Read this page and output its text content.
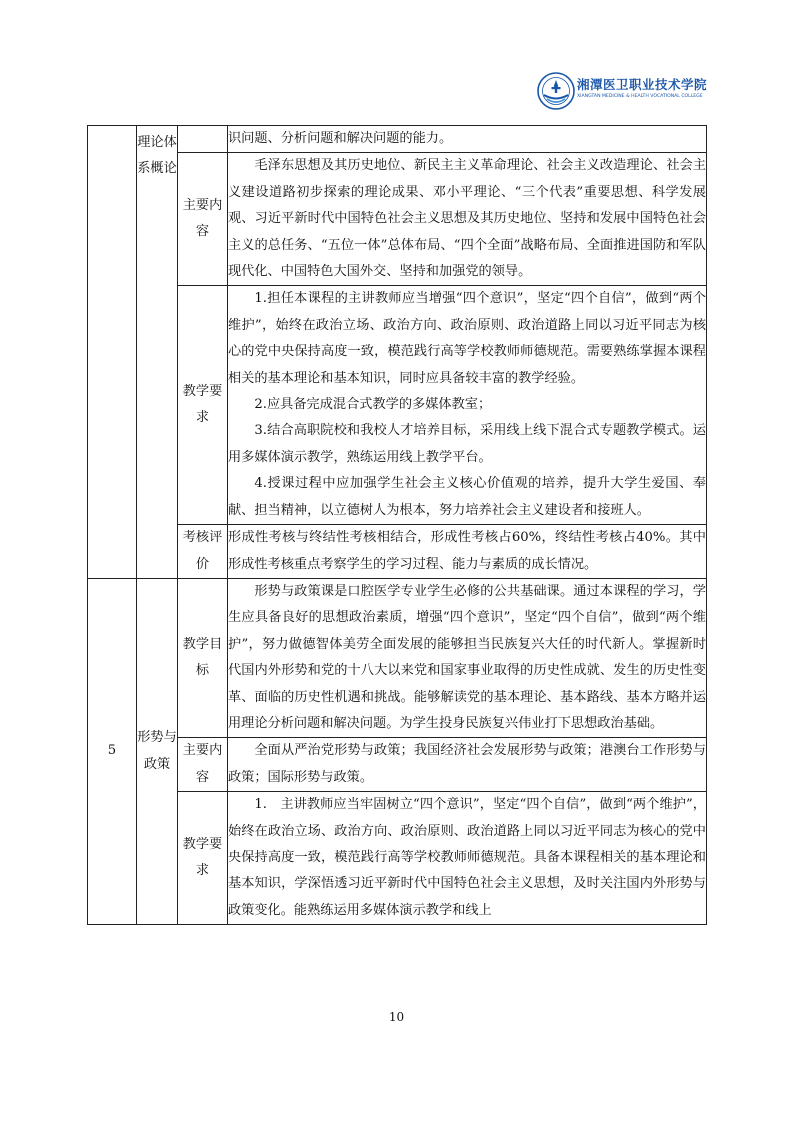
湘潭医卫职业技术学院
XIANGTAN MEDICINE & HEALTH VOCATIONAL COLLEGE
	理论体系概论		识问题、分析问题和解决问题的能力。

		主要内容	毛泽东思想及其历史地位、新民主主义革命理论、社会主义改造理论、社会主义建设道路初步探索的理论成果、邓小平理论、“三个代表”重要思想、科学发展观、习近平新时代中国特色社会主义思想及其历史地位、坚持和发展中国特色社会主义的总任务、“五位一体”总体布局、“四个全面”战略布局、全面推进国防和军队现代化、中国特色大国外交、坚持和加强党的领导。

		教学要求	1.担任本课程的主讲教师应当增强“四个意识”，坚定“四个自信”，做到“两个维护”，始终在政治立场、政治方向、政治原则、政治道路上同以习近平同志为核心的党中央保持高度一致，模范践行高等学校教师师德规范。需要熟练掌握本课程相关的基本理论和基本知识，同时应具备较丰富的教学经验。

2.应具备完成混合式教学的多媒体教室；

3.结合高职院校和我校人才培养目标，采用线上线下混合式专题教学模式。运用多媒体演示教学，熟练运用线上教学平台。

4.授课过程中应加强学生社会主义核心价值观的培养，提升大学生爱国、奉献、担当精神，以立德树人为根本，努力培养社会主义建设者和接班人。

		考核评价	形成性考核与终结性考核相结合，形成性考核占60%，终结性考核占40%。其中形成性考核重点考察学生的学习过程、能力与素质的成长情况。

5	形势与政策	教学目标	形势与政策课是口腔医学专业学生必修的公共基础课。通过本课程的学习，学生应具备良好的思想政治素质，增强“四个意识”，坚定“四个自信”，做到“两个维护”，努力做德智体美劳全面发展的能够担当民族复兴大任的时代新人。掌握新时代国内外形势和党的十八大以来党和国家事业取得的历史性成就、发生的历史性变革、面临的历史性机遇和挑战。能够解读党的基本理论、基本路线、基本方略并运用理论分析问题和解决问题。为学生投身民族复兴伟业打下思想政治基础。

		主要内容	全面从严治党形势与政策；我国经济社会发展形势与政策；港澳台工作形势与政策；国际形势与政策。

		教学要求	1.　主讲教师应当牢固树立“四个意识”，坚定“四个自信”，做到“两个维护”，始终在政治立场、政治方向、政治原则、政治道路上同以习近平同志为核心的党中央保持高度一致，模范践行高等学校教师师德规范。具备本课程相关的基本理论和基本知识，学深悟透习近平新时代中国特色社会主义思想，及时关注国内外形势与政策变化。能熟练运用多媒体演示教学和线上

10
